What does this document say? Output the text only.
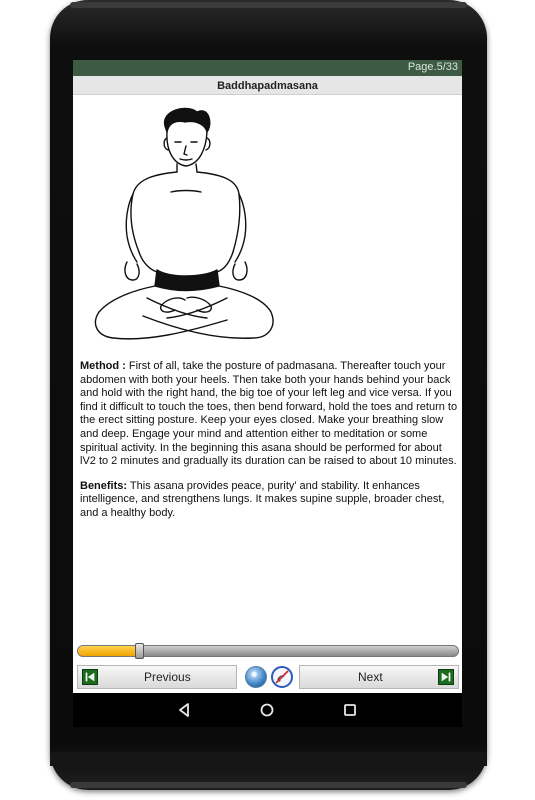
Page.5/33
Baddhapadmasana

Method : First of all, take the posture of padmasana. Thereafter touch your abdomen with both your heels. Then take both your hands behind your back and hold with the right hand, the big toe of your left leg and vice versa. If you find it difficult to touch the toes, then bend forward, hold the toes and return to the erect sitting posture. Keep your eyes closed. Make your breathing slow and deep. Engage your mind and attention either to meditation or some spiritual activity. In the beginning this asana should be performed for about lV2 to 2 minutes and gradually its duration can be raised to about 10 minutes.

Benefits: This asana provides peace, purity' and stability. It enhances intelligence, and strengthens lungs. It makes supine supple, broader chest, and a healthy body.

Previous	Next
